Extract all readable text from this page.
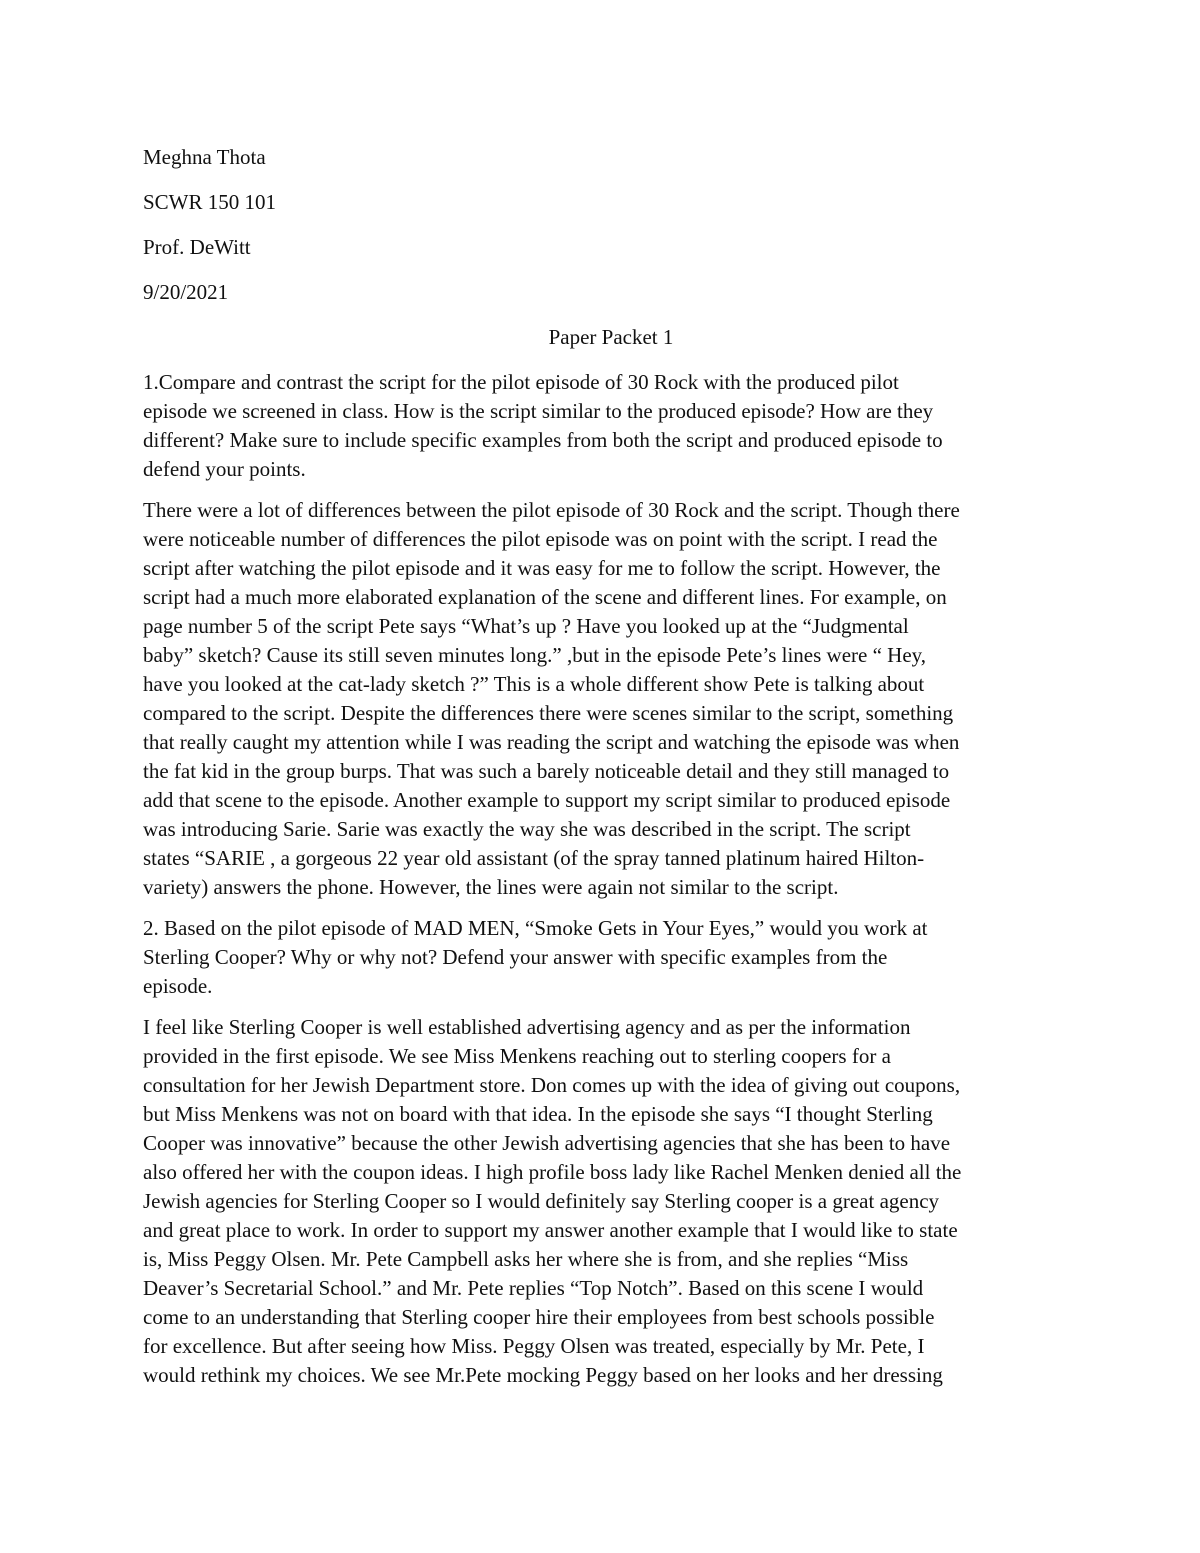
Meghna Thota

SCWR 150 101

Prof. DeWitt

9/20/2021

Paper Packet 1

1.Compare and contrast the script for the pilot episode of 30 Rock with the produced pilot
episode we screened in class. How is the script similar to the produced episode? How are they
different? Make sure to include specific examples from both the script and produced episode to
defend your points.

There were a lot of differences between the pilot episode of 30 Rock and the script. Though there
were noticeable number of differences the pilot episode was on point with the script. I read the
script after watching the pilot episode and it was easy for me to follow the script. However, the
script had a much more elaborated explanation of the scene and different lines. For example, on
page number 5 of the script Pete says “What’s up ? Have you looked up at the “Judgmental
baby” sketch? Cause its still seven minutes long.” ,but in the episode Pete’s lines were “ Hey,
have you looked at the cat-lady sketch ?” This is a whole different show Pete is talking about
compared to the script. Despite the differences there were scenes similar to the script, something
that really caught my attention while I was reading the script and watching the episode was when
the fat kid in the group burps. That was such a barely noticeable detail and they still managed to
add that scene to the episode. Another example to support my script similar to produced episode
was introducing Sarie. Sarie was exactly the way she was described in the script. The script
states “SARIE , a gorgeous 22 year old assistant (of the spray tanned platinum haired Hilton-
variety) answers the phone. However, the lines were again not similar to the script.

2. Based on the pilot episode of MAD MEN, “Smoke Gets in Your Eyes,” would you work at
Sterling Cooper? Why or why not? Defend your answer with specific examples from the
episode.

I feel like Sterling Cooper is well established advertising agency and as per the information
provided in the first episode. We see Miss Menkens reaching out to sterling coopers for a
consultation for her Jewish Department store. Don comes up with the idea of giving out coupons,
but Miss Menkens was not on board with that idea. In the episode she says “I thought Sterling
Cooper was innovative” because the other Jewish advertising agencies that she has been to have
also offered her with the coupon ideas. I high profile boss lady like Rachel Menken denied all the
Jewish agencies for Sterling Cooper so I would definitely say Sterling cooper is a great agency
and great place to work. In order to support my answer another example that I would like to state
is, Miss Peggy Olsen. Mr. Pete Campbell asks her where she is from, and she replies “Miss
Deaver’s Secretarial School.” and Mr. Pete replies “Top Notch”. Based on this scene I would
come to an understanding that Sterling cooper hire their employees from best schools possible
for excellence. But after seeing how Miss. Peggy Olsen was treated, especially by Mr. Pete, I
would rethink my choices. We see Mr.Pete mocking Peggy based on her looks and her dressing
